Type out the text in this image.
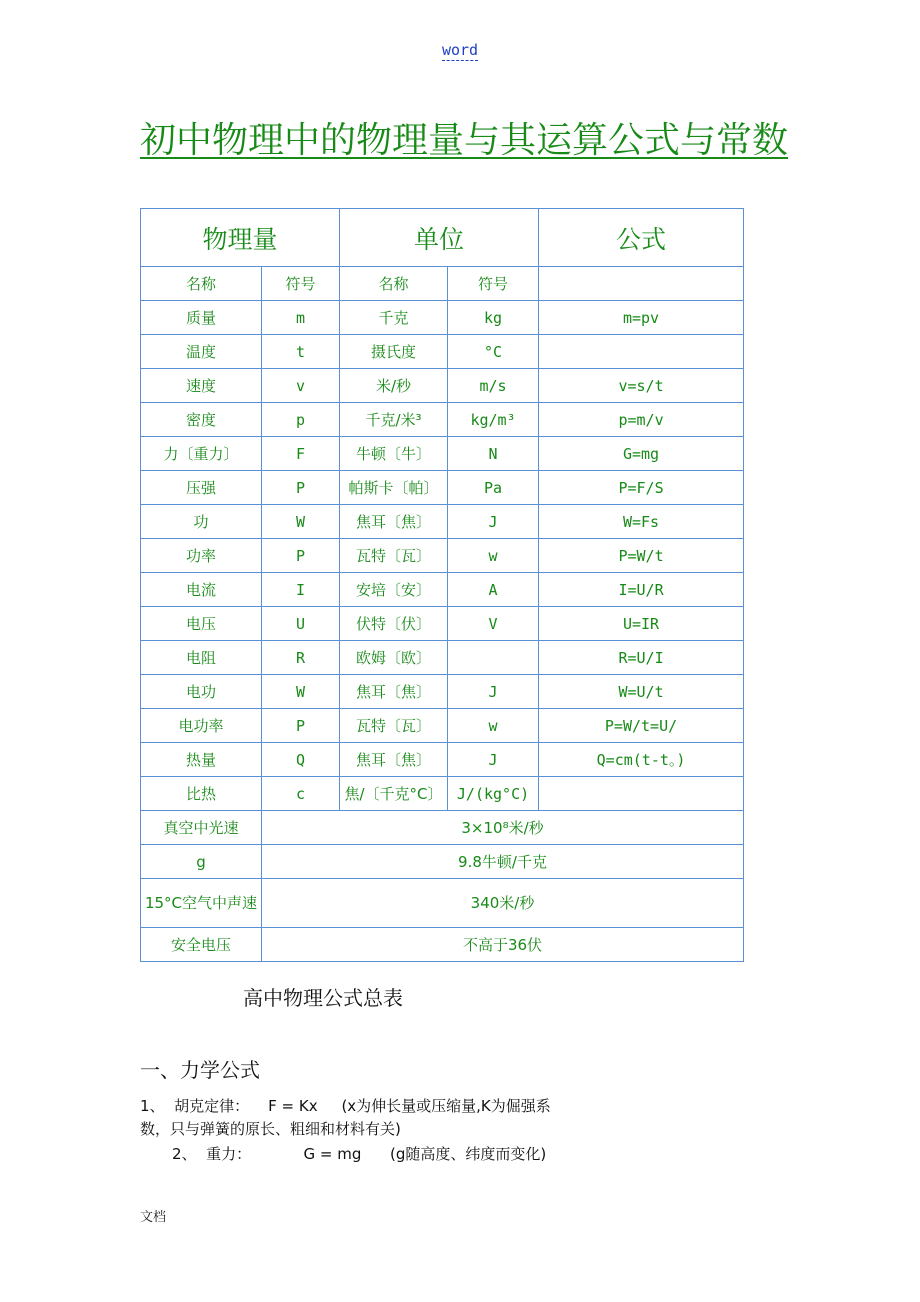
word
初中物理中的物理量与其运算公式与常数
物理量		单位		公式
名称	符号	名称	符号	
质量	m	千克	kg	m=pv
温度	t	摄氏度	°C	
速度	v	米/秒	m/s	v=s/t
密度	p	千克/米³	kg/m³	p=m/v
力〔重力〕	F	牛顿〔牛〕	N	G=mg
压强	P	帕斯卡〔帕〕	Pa	P=F/S
功	W	焦耳〔焦〕	J	W=Fs
功率	P	瓦特〔瓦〕	w	P=W/t
电流	I	安培〔安〕	A	I=U/R
电压	U	伏特〔伏〕	V	U=IR
电阻	R	欧姆〔欧〕		R=U/I
电功	W	焦耳〔焦〕	J	W=U/t
电功率	P	瓦特〔瓦〕	w	P=W/t=U/
热量	Q	焦耳〔焦〕	J	Q=cm(t-t。)
比热	c	焦/〔千克°C〕	J/(kg°C)	
真空中光速	3×10⁸米/秒			
g	9.8牛顿/千克			
15°C空气中声速	340米/秒			
安全电压	不高于36伏			
高中物理公式总表
一、力学公式
1、  胡克定律：    F = Kx     (x为伸长量或压缩量,K为倔强系
数，只与弹簧的原长、粗细和材料有关)
2、  重力：           G = mg      (g随高度、纬度而变化)
文档
